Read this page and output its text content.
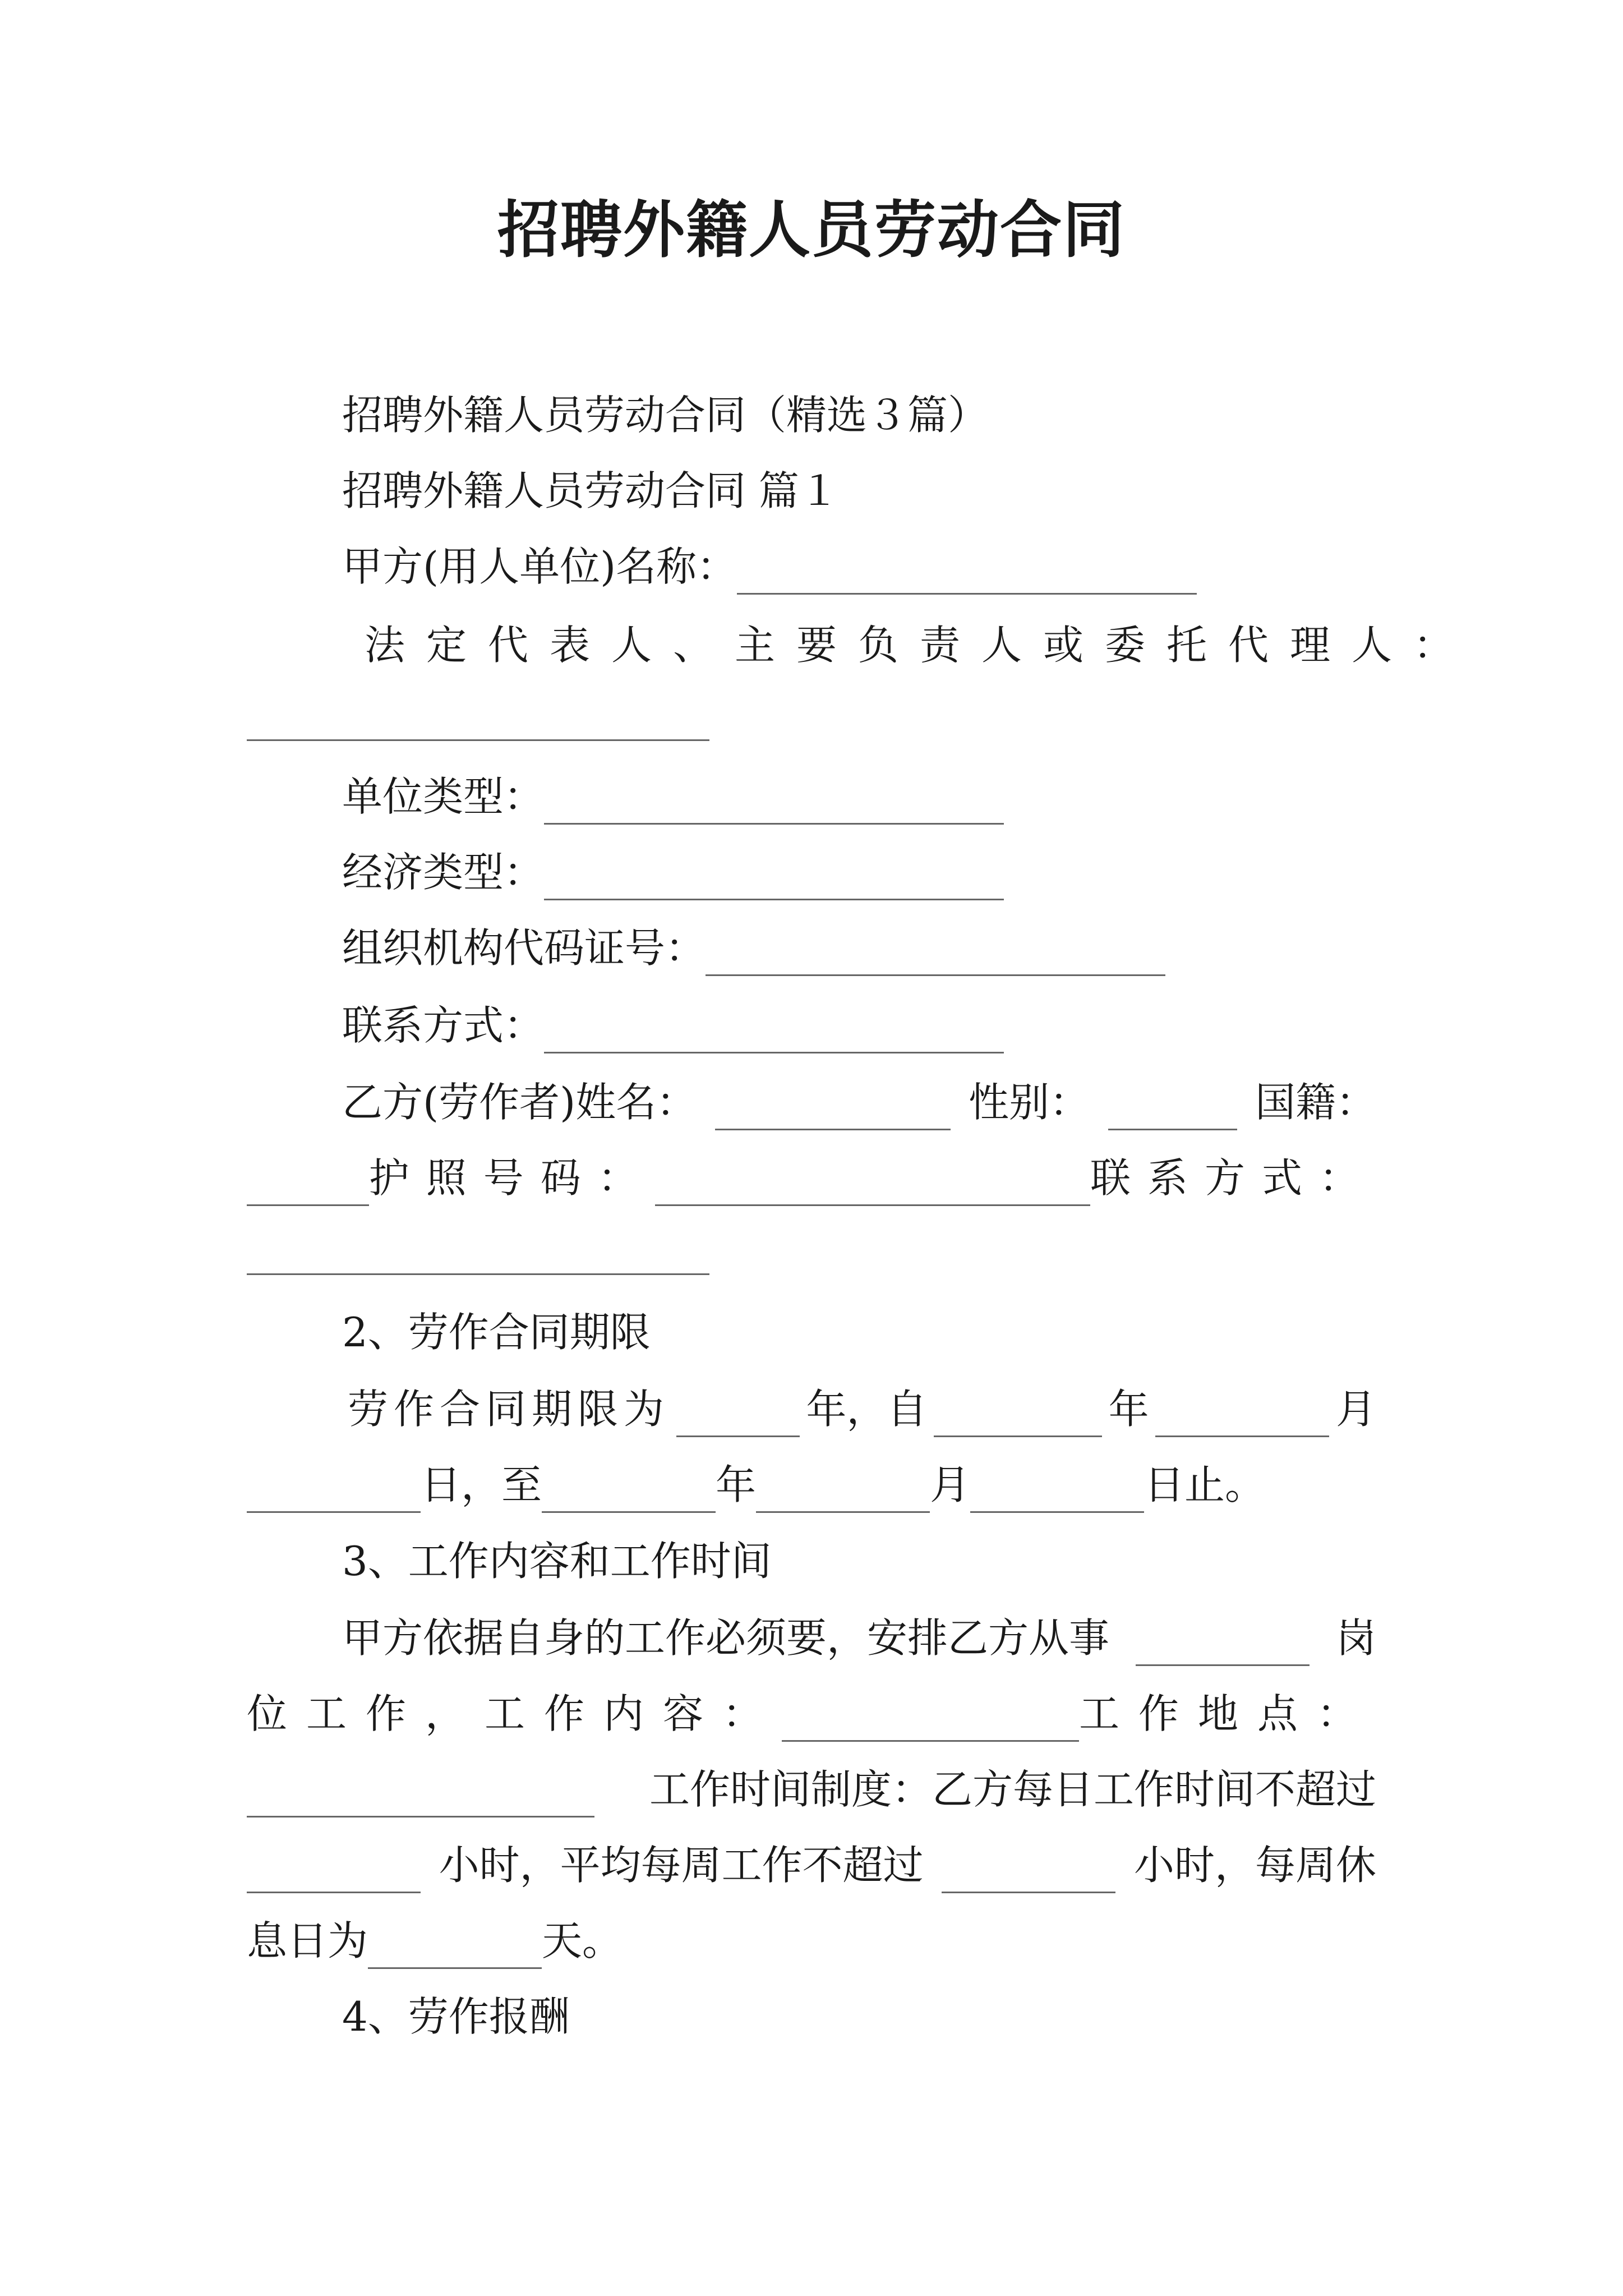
招聘外籍人员劳动合同
招聘外籍人员劳动合同（精选３篇）
招聘外籍人员劳动合同 篇１
甲方(用人单位)名称：
法定代表人、主要负责人或委托代理人：
单位类型：
经济类型：
组织机构代码证号：
联系方式：
乙方(劳作者)姓名：	性别：	国籍：
护照号码：	联系方式：
2、劳作合同期限
劳作合同期限为	年，自	年	月
日，至	年	月	日止。
3、工作内容和工作时间
甲方依据自身的工作必须要，安排乙方从事	岗
位工作，工作内容：	工作地点：
工作时间制度：乙方每日工作时间不超过
小时，平均每周工作不超过	小时，每周休
息日为	天。
4、劳作报酬
